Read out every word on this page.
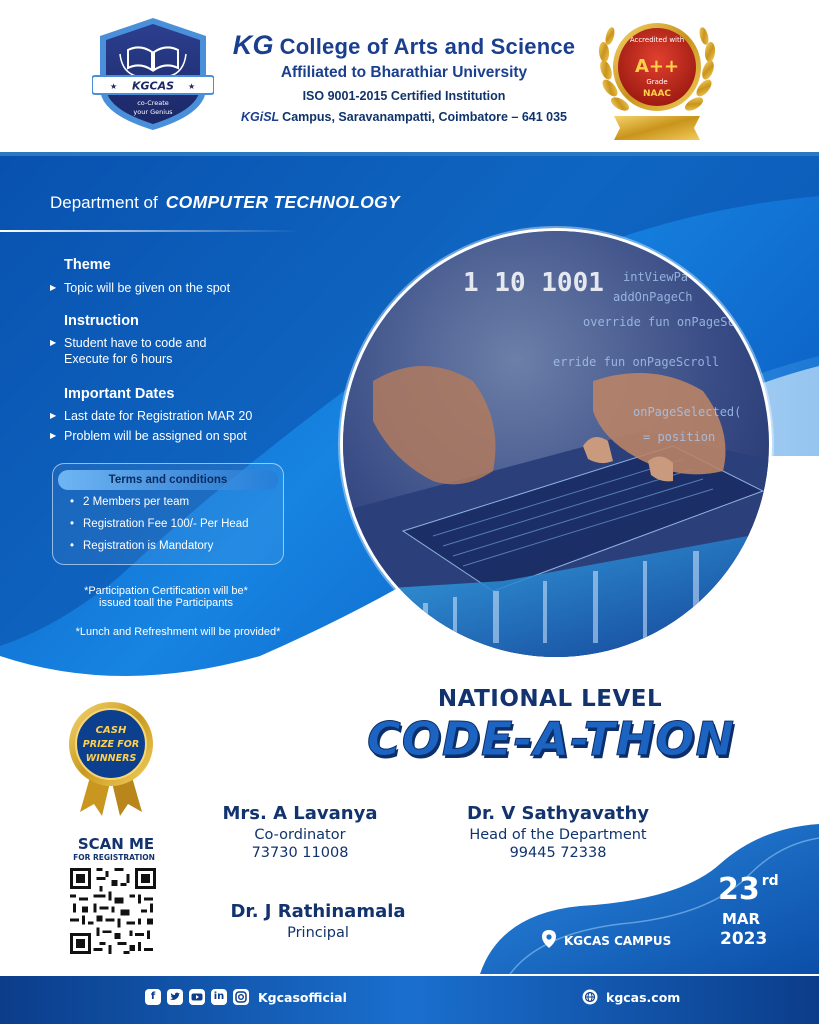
KGCAS
★	★
co-Create
your Genius
KG College of Arts and Science
Affiliated to Bharathiar University
ISO 9001-2015 Certified Institution
KGiSL Campus, Saravanampatti, Coimbatore – 641 035
Accredited with
A++
Grade
NAAC
Department of COMPUTER TECHNOLOGY
Theme
▶ Topic will be given on the spot
Instruction
▶ Student have to code and
Execute for 6 hours
Important Dates
▶ Last date for Registration MAR 20
▶ Problem will be assigned on spot
Terms and conditions
• 2 Members per team
• Registration Fee 100/- Per Head
• Registration is Mandatory
*Participation Certification will be*
issued toall the Participants
*Lunch and Refreshment will be provided*
1 10 1001 intViewPa
addOnPageCh
override fun onPageSc
erride fun onPageScroll
onPageSelected(
= position
NATIONAL LEVEL
CODE-A-THON
CASH
PRIZE FOR
WINNERS
Mrs. A Lavanya
Co-ordinator
73730 11008
Dr. V Sathyavathy
Head of the Department
99445 72338
Dr. J Rathinamala
Principal
SCAN ME
FOR REGISTRATION
23 $^{rd}$
MAR
2023
KGCAS CAMPUS
f	in	Kgcasofficial	kgcas.com
